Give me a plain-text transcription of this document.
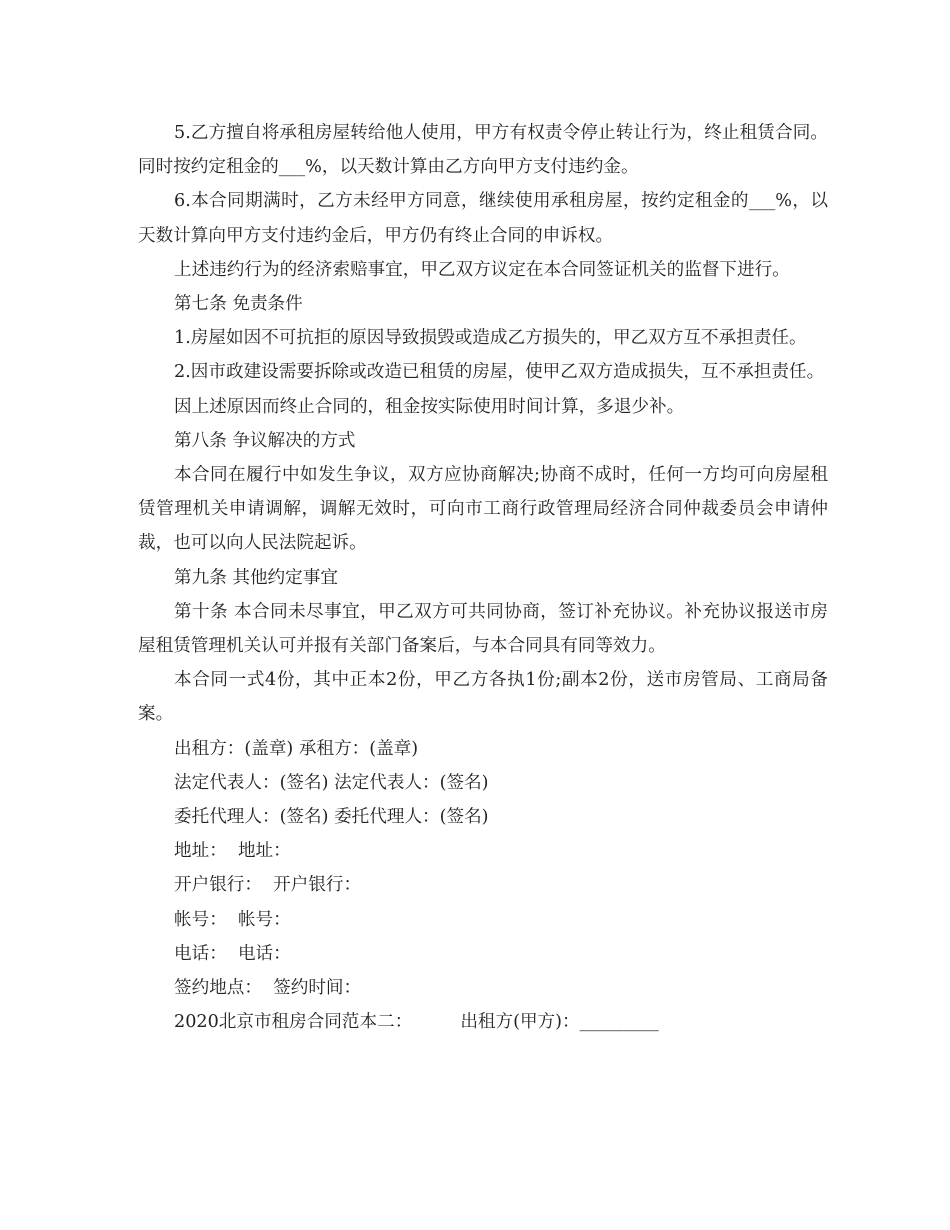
5.乙方擅自将承租房屋转给他人使用，甲方有权责令停止转让行为，终止租赁合同。同时按约定租金的___%，以天数计算由乙方向甲方支付违约金。

6.本合同期满时，乙方未经甲方同意，继续使用承租房屋，按约定租金的___%，以天数计算向甲方支付违约金后，甲方仍有终止合同的申诉权。

上述违约行为的经济索赔事宜，甲乙双方议定在本合同签证机关的监督下进行。

第七条 免责条件

1.房屋如因不可抗拒的原因导致损毁或造成乙方损失的，甲乙双方互不承担责任。

2.因市政建设需要拆除或改造已租赁的房屋，使甲乙双方造成损失，互不承担责任。

因上述原因而终止合同的，租金按实际使用时间计算，多退少补。

第八条 争议解决的方式

本合同在履行中如发生争议，双方应协商解决;协商不成时，任何一方均可向房屋租赁管理机关申请调解，调解无效时，可向市工商行政管理局经济合同仲裁委员会申请仲裁，也可以向人民法院起诉。

第九条 其他约定事宜

第十条 本合同未尽事宜，甲乙双方可共同协商，签订补充协议。补充协议报送市房屋租赁管理机关认可并报有关部门备案后，与本合同具有同等效力。

本合同一式4份，其中正本2份，甲乙方各执1份;副本2份，送市房管局、工商局备案。

出租方：(盖章) 承租方：(盖章)

法定代表人：(签名) 法定代表人：(签名)

委托代理人：(签名) 委托代理人：(签名)

地址：  地址：

开户银行：  开户银行：

帐号：  帐号：

电话：  电话：

签约地点：  签约时间：

2020北京市租房合同范本二：	出租方(甲方)：_________
